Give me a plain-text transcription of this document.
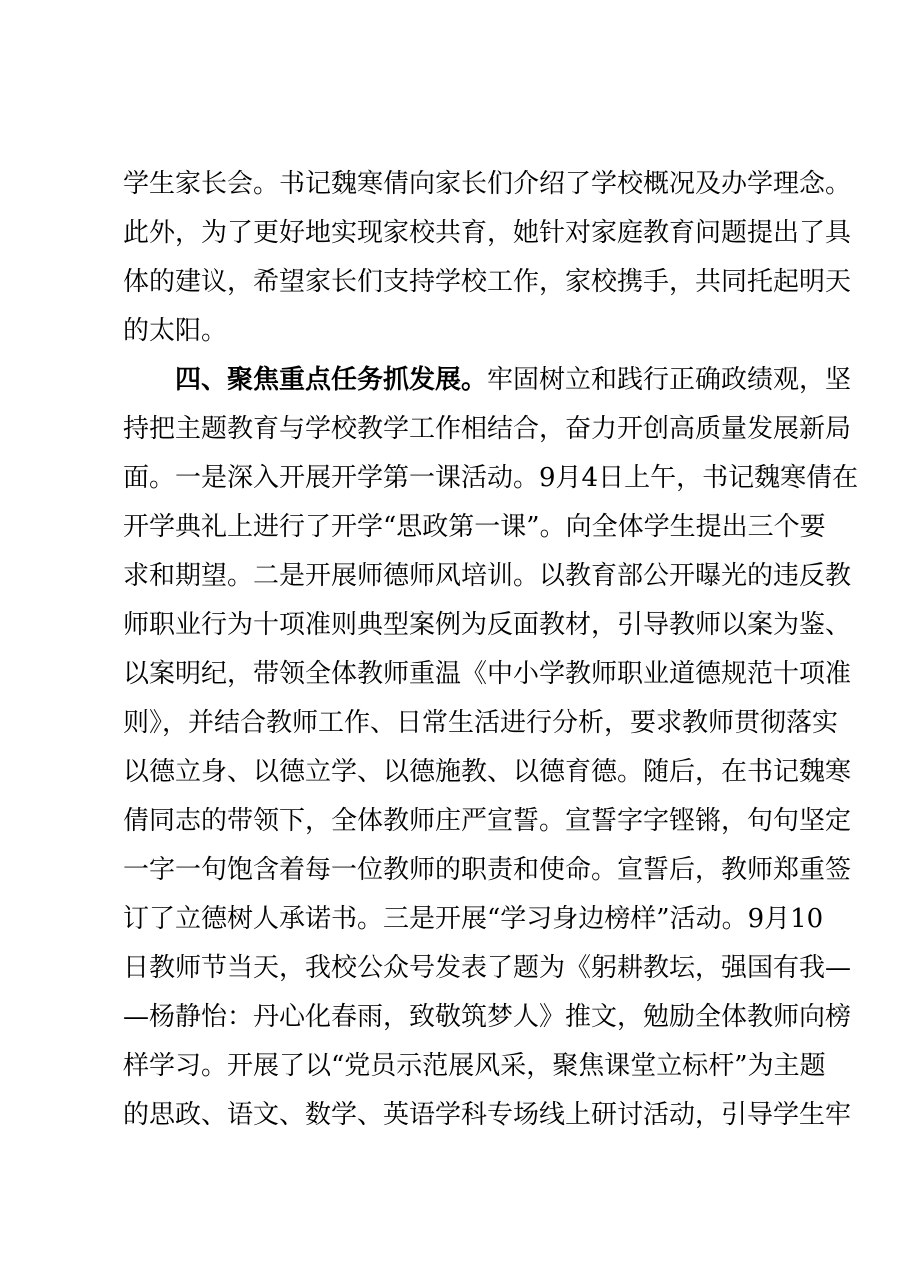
学生家长会。书记魏寒倩向家长们介绍了学校概况及办学理念。
此外，为了更好地实现家校共育，她针对家庭教育问题提出了具
体的建议，希望家长们支持学校工作，家校携手，共同托起明天
的太阳。
四、聚焦重点任务抓发展。牢固树立和践行正确政绩观，坚
持把主题教育与学校教学工作相结合，奋力开创高质量发展新局
面。一是深入开展开学第一课活动。9月4日上午，书记魏寒倩在
开学典礼上进行了开学“思政第一课”。向全体学生提出三个要
求和期望。二是开展师德师风培训。以教育部公开曝光的违反教
师职业行为十项准则典型案例为反面教材，引导教师以案为鉴、
以案明纪，带领全体教师重温《中小学教师职业道德规范十项准
则》，并结合教师工作、日常生活进行分析，要求教师贯彻落实
以德立身、以德立学、以德施教、以德育德。随后，在书记魏寒
倩同志的带领下，全体教师庄严宣誓。宣誓字字铿锵，句句坚定
一字一句饱含着每一位教师的职责和使命。宣誓后，教师郑重签
订了立德树人承诺书。三是开展“学习身边榜样”活动。9月10
日教师节当天，我校公众号发表了题为《躬耕教坛，强国有我—
—杨静怡：丹心化春雨，致敬筑梦人》推文，勉励全体教师向榜
样学习。开展了以“党员示范展风采，聚焦课堂立标杆”为主题
的思政、语文、数学、英语学科专场线上研讨活动，引导学生牢
